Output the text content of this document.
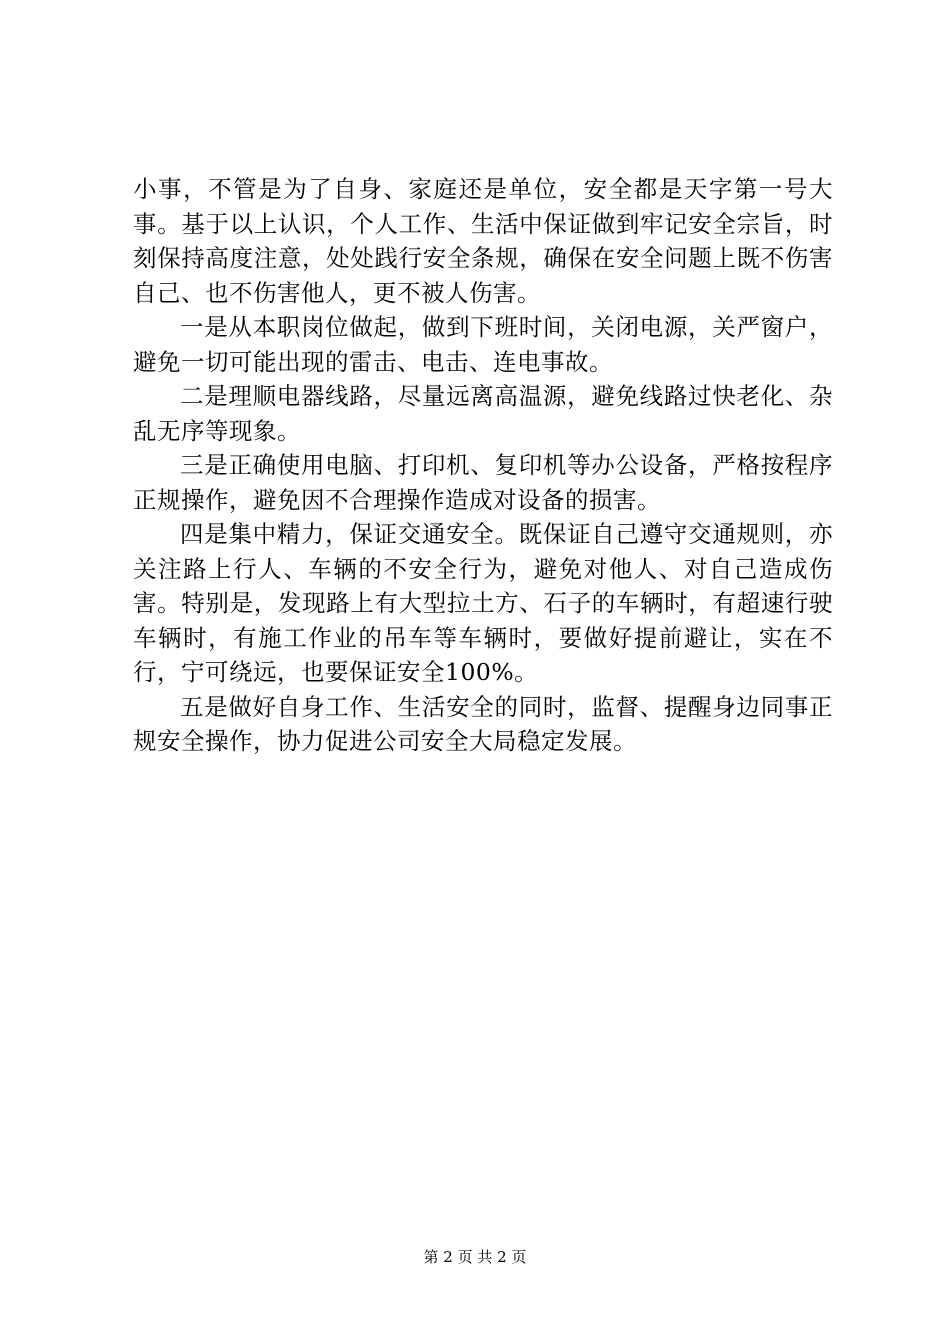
小事，不管是为了自身、家庭还是单位，安全都是天字第一号大事。基于以上认识，个人工作、生活中保证做到牢记安全宗旨，时刻保持高度注意，处处践行安全条规，确保在安全问题上既不伤害自己、也不伤害他人，更不被人伤害。

一是从本职岗位做起，做到下班时间，关闭电源，关严窗户，避免一切可能出现的雷击、电击、连电事故。

二是理顺电器线路，尽量远离高温源，避免线路过快老化、杂乱无序等现象。

三是正确使用电脑、打印机、复印机等办公设备，严格按程序正规操作，避免因不合理操作造成对设备的损害。

四是集中精力，保证交通安全。既保证自己遵守交通规则，亦关注路上行人、车辆的不安全行为，避免对他人、对自己造成伤害。特别是，发现路上有大型拉土方、石子的车辆时，有超速行驶车辆时，有施工作业的吊车等车辆时，要做好提前避让，实在不行，宁可绕远，也要保证安全100%。

五是做好自身工作、生活安全的同时，监督、提醒身边同事正规安全操作，协力促进公司安全大局稳定发展。

第 2 页 共 2 页
